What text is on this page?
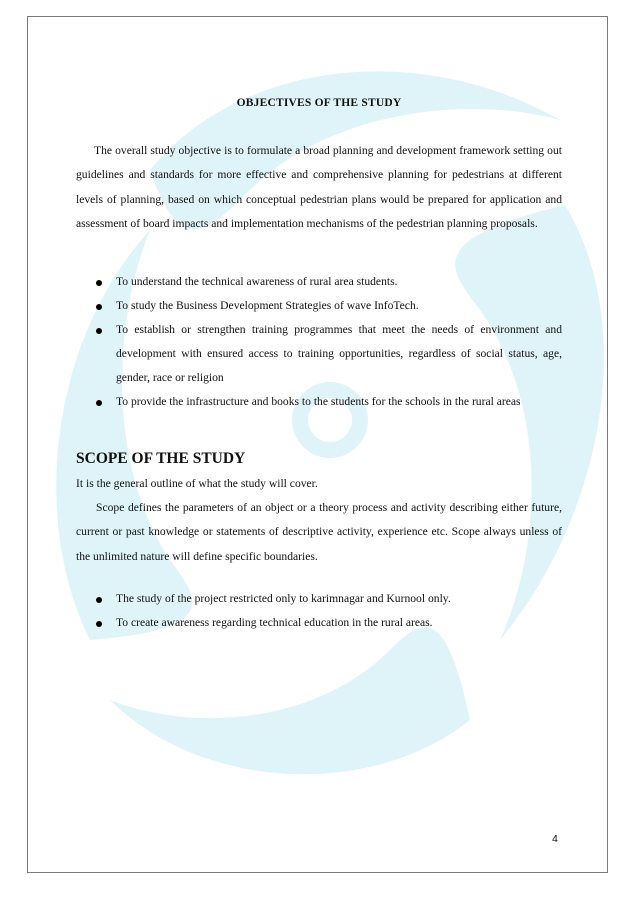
OBJECTIVES OF THE STUDY

The overall study objective is to formulate a broad planning and development framework setting out guidelines and standards for more effective and comprehensive planning for pedestrians at different levels of planning, based on which conceptual pedestrian plans would be prepared for application and assessment of board impacts and implementation mechanisms of the pedestrian planning proposals.

To understand the technical awareness of rural area students.
To study the Business Development Strategies of wave InfoTech.
To establish or strengthen training programmes that meet the needs of environment and development with ensured access to training opportunities, regardless of social status, age, gender, race or religion
To provide the infrastructure and books to the students for the schools in the rural areas
SCOPE OF THE STUDY

It is the general outline of what the study will cover.

Scope defines the parameters of an object or a theory process and activity describing either future, current or past knowledge or statements of descriptive activity, experience etc. Scope always unless of the unlimited nature will define specific boundaries.

The study of the project restricted only to karimnagar and Kurnool only.
To create awareness regarding technical education in the rural areas.
4
